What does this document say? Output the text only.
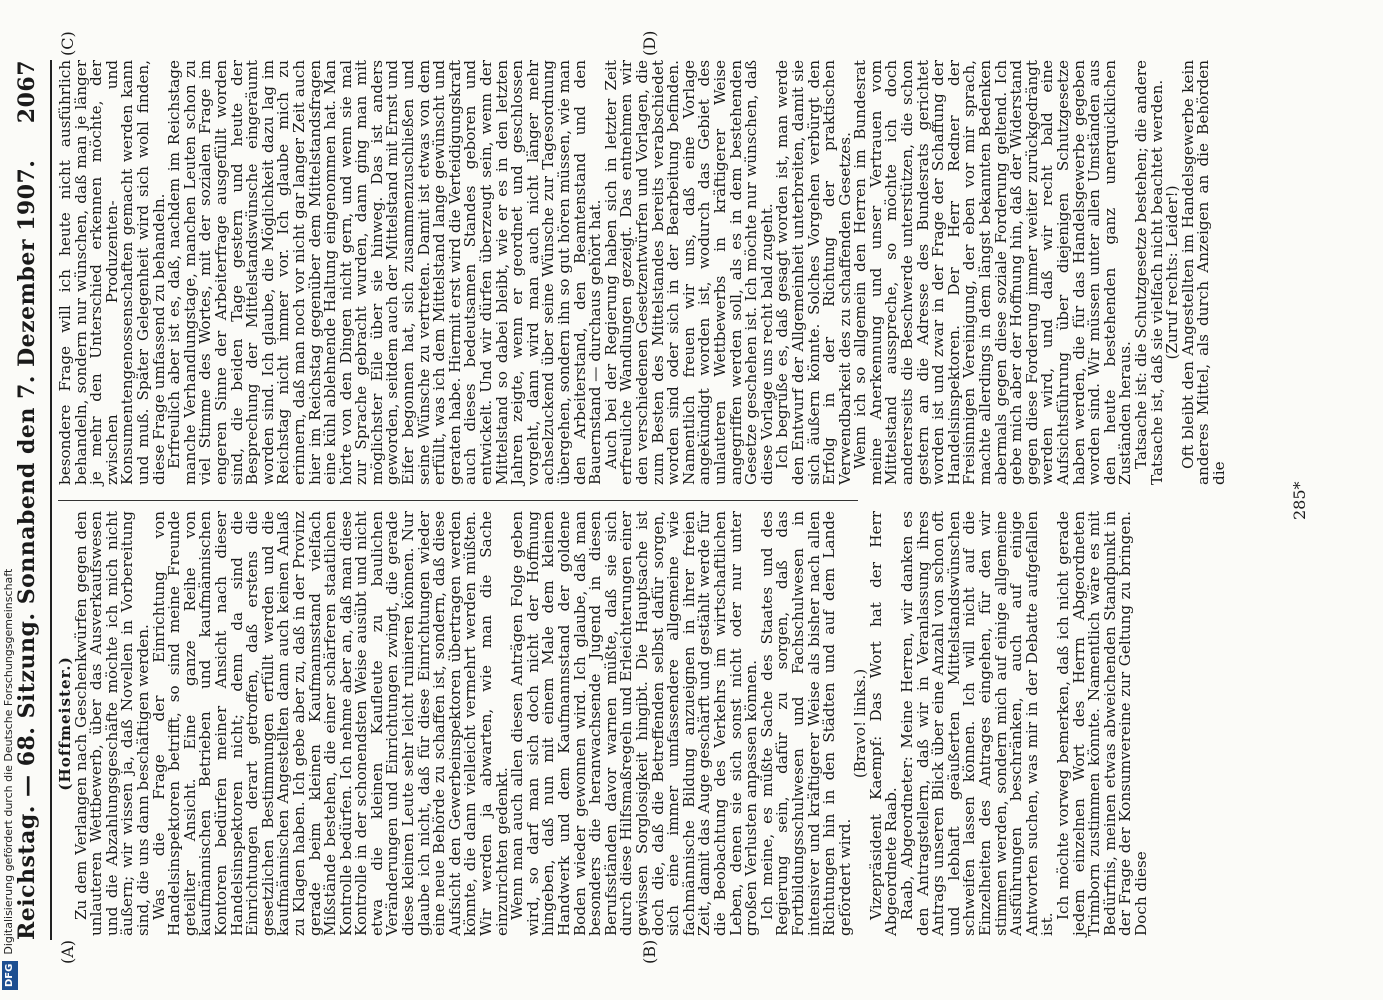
Reichstag. — 68. Sitzung. Sonnabend den 7. Dezember 1907.
2067
(A)	(B)
(C)	(D)

(Hoffmeister.)

Zu dem Verlangen nach Geschenkwürfen gegen den unlauteren Wettbewerb, über das Ausverkaufswesen und die Abzahlungsgeschäfte möchte ich mich nicht äußern; wir wissen ja, daß Novellen in Vorbereitung sind, die uns dann beschäftigen werden.

Was die Frage der Einrichtung von Handelsinspektoren betrifft, so sind meine Freunde geteilter Ansicht. Eine ganze Reihe von kaufmännischen Betrieben und kaufmännischen Kontoren bedürfen meiner Ansicht nach dieser Handelsinspektoren nicht; denn da sind die Einrichtungen derart getroffen, daß erstens die gesetzlichen Bestimmungen erfüllt werden und die kaufmännischen Angestellten dann auch keinen Anlaß zu Klagen haben. Ich gebe aber zu, daß in der Provinz gerade beim kleinen Kaufmannsstand vielfach Mißstände bestehen, die einer schärferen staatlichen Kontrolle bedürfen. Ich nehme aber an, daß man diese Kontrolle in der schonendsten Weise ausübt und nicht etwa die kleinen Kaufleute zu baulichen Veränderungen und Einrichtungen zwingt, die gerade diese kleinen Leute sehr leicht ruinieren können. Nur glaube ich nicht, daß für diese Einrichtungen wieder eine neue Behörde zu schaffen ist, sondern, daß diese Aufsicht den Gewerbeinspektoren übertragen werden könnte, die dann vielleicht vermehrt werden müßten. Wir werden ja abwarten, wie man die Sache einzurichten gedenkt.

Wenn man auch allen diesen Anträgen Folge geben wird, so darf man sich doch nicht der Hoffnung hingeben, daß nun mit einem Male dem kleinen Handwerk und dem Kaufmannsstand der goldene Boden wieder gewonnen wird. Ich glaube, daß man besonders die heranwachsende Jugend in diesen Berufsständen davor warnen müßte, daß sie sich durch diese Hilfsmaßregeln und Erleichterungen einer gewissen Sorglosigkeit hingibt. Die Hauptsache ist doch die, daß die Betreffenden selbst dafür sorgen, sich eine immer umfassendere allgemeine wie fachmännische Bildung anzueignen in ihrer freien Zeit, damit das Auge geschärft und gestählt werde für die Beobachtung des Verkehrs im wirtschaftlichen Leben, denen sie sich sonst nicht oder nur unter großen Verlusten anpassen können.

Ich meine, es müßte Sache des Staates und des Regierung sein, dafür zu sorgen, daß das Fortbildungsschulwesen und Fachschulwesen in intensiver und kräftigerer Weise als bisher nach allen Richtungen hin in den Städten und auf dem Lande gefördert wird.

(Bravo! links.)

Vizepräsident Kaempf: Das Wort hat der Herr Abgeordnete Raab.

Raab, Abgeordneter: Meine Herren, wir danken es den Antragstellern, daß wir in Veranlassung ihres Antrags unseren Blick über eine Anzahl von schon oft und lebhaft geäußerten Mittelstandswünschen schweifen lassen können. Ich will nicht auf die Einzelheiten des Antrages eingehen, für den wir stimmen werden, sondern mich auf einige allgemeine Ausführungen beschränken, auch auf einige Antworten suchen, was mir in der Debatte aufgefallen ist.

Ich möchte vorweg bemerken, daß ich nicht gerade jedem einzelnen Wort des Herrn Abgeordneten Trimborn zustimmen könnte. Namentlich wäre es mit Bedürfnis, meinen etwas abweichenden Standpunkt in der Frage der Konsumvereine zur Geltung zu bringen. Doch diese

besondere Frage will ich heute nicht ausführlich behandeln, sondern nur wünschen, daß man je länger je mehr den Unterschied erkennen möchte, der zwischen Produzenten- und Konsumentengenossenschaften gemacht werden kann und muß. Später Gelegenheit wird sich wohl finden, diese Frage umfassend zu behandeln.

Erfreulich aber ist es, daß, nachdem im Reichstage manche Verhandlungstage, manchen Leuten schon zu viel Stimme des Wortes, mit der sozialen Frage im engeren Sinne der Arbeiterfrage ausgefüllt worden sind, die beiden Tage gestern und heute der Besprechung der Mittelstandswünsche eingeräumt worden sind. Ich glaube, die Möglichkeit dazu lag im Reichstag nicht immer vor. Ich glaube mich zu erinnern, daß man noch vor nicht gar langer Zeit auch hier im Reichstag gegenüber dem Mittelstandsfragen eine kühl ablehnende Haltung eingenommen hat. Man hörte von den Dingen nicht gern, und wenn sie mal zur Sprache gebracht wurden, dann ging man mit möglichster Eile über sie hinweg. Das ist anders geworden, seitdem auch der Mittelstand mit Ernst und Eifer begonnen hat, sich zusammenzuschließen und seine Wünsche zu vertreten. Damit ist etwas von dem erfüllt, was ich dem Mittelstand lange gewünscht und geraten habe. Hiermit erst wird die Verteidigungskraft auch dieses bedeutsamen Standes geboren und entwickelt. Und wir dürfen überzeugt sein, wenn der Mittelstand so dabei bleibt, wie er es in den letzten Jahren zeigte, wenn er geordnet und geschlossen vorgeht, dann wird man auch nicht länger mehr achselzuckend über seine Wünsche zur Tagesordnung übergehen, sondern ihn so gut hören müssen, wie man den Arbeiterstand, den Beamtenstand und den Bauernstand — durchaus gehört hat.

Auch bei der Regierung haben sich in letzter Zeit erfreuliche Wandlungen gezeigt. Das entnehmen wir den verschiedenen Gesetzentwürfen und Vorlagen, die zum Besten des Mittelstandes bereits verabschiedet worden sind oder sich in der Bearbeitung befinden. Namentlich freuen wir uns, daß eine Vorlage angekündigt worden ist, wodurch das Gebiet des unlauteren Wettbewerbs in kräftigerer Weise angegriffen werden soll, als es in dem bestehenden Gesetze geschehen ist. Ich möchte nur wünschen, daß diese Vorlage uns recht bald zugeht.

Ich begrüße es, daß gesagt worden ist, man werde den Entwurf der Allgemeinheit unterbreiten, damit sie sich äußern könnte. Solches Vorgehen verbürgt den Erfolg in der Richtung der praktischen Verwendbarkeit des zu schaffenden Gesetzes.

Wenn ich so allgemein den Herren im Bundesrat meine Anerkennung und unser Vertrauen vom Mittelstand ausspreche, so möchte ich doch andererseits die Beschwerde unterstützen, die schon gestern an die Adresse des Bundesrats gerichtet worden ist und zwar in der Frage der Schaffung der Handelsinspektoren. Der Herr Redner der Freisinnigen Vereinigung, der eben vor mir sprach, machte allerdings in dem längst bekannten Bedenken abermals gegen diese soziale Forderung geltend. Ich gebe mich aber der Hoffnung hin, daß der Widerstand gegen diese Forderung immer weiter zurückgedrängt werden wird, und daß wir recht bald eine Aufsichtsführung über diejenigen Schutzgesetze haben werden, die für das Handelsgewerbe gegeben worden sind. Wir müssen unter allen Umständen aus den heute bestehenden ganz unerquicklichen Zuständen heraus.

Tatsache ist: die Schutzgesetze bestehen; die andere Tatsache ist, daß sie vielfach nicht beachtet werden.

(Zuruf rechts: Leider!)

Oft bleibt den Angestellten im Handelsgewerbe kein anderes Mittel, als durch Anzeigen an die Behörden die

285*
DFGDigitalisierung gefördert durch die Deutsche Forschungsgemeinschaft
